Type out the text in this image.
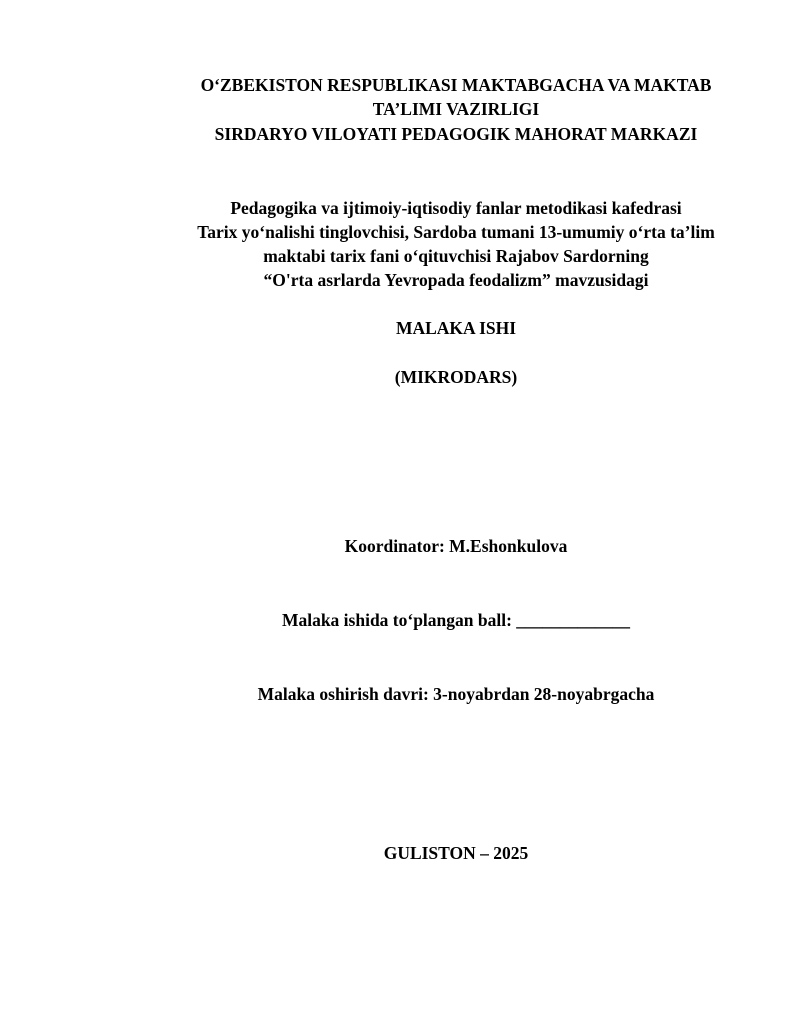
O‘ZBEKISTON RESPUBLIKASI MAKTABGACHA VA MAKTAB
TA’LIMI VAZIRLIGI
SIRDARYO VILOYATI PEDAGOGIK MAHORAT MARKAZI
Pedagogika va ijtimoiy-iqtisodiy fanlar metodikasi kafedrasi
Tarix yo‘nalishi tinglovchisi, Sardoba tumani 13-umumiy o‘rta ta’lim
maktabi tarix fani o‘qituvchisi Rajabov Sardorning
“O'rta asrlarda Yevropada feodalizm” mavzusidagi
MALAKA ISHI
(MIKRODARS)
Koordinator: M.Eshonkulova
Malaka ishida to‘plangan ball: _____________
Malaka oshirish davri: 3-noyabrdan 28-noyabrgacha
GULISTON – 2025
